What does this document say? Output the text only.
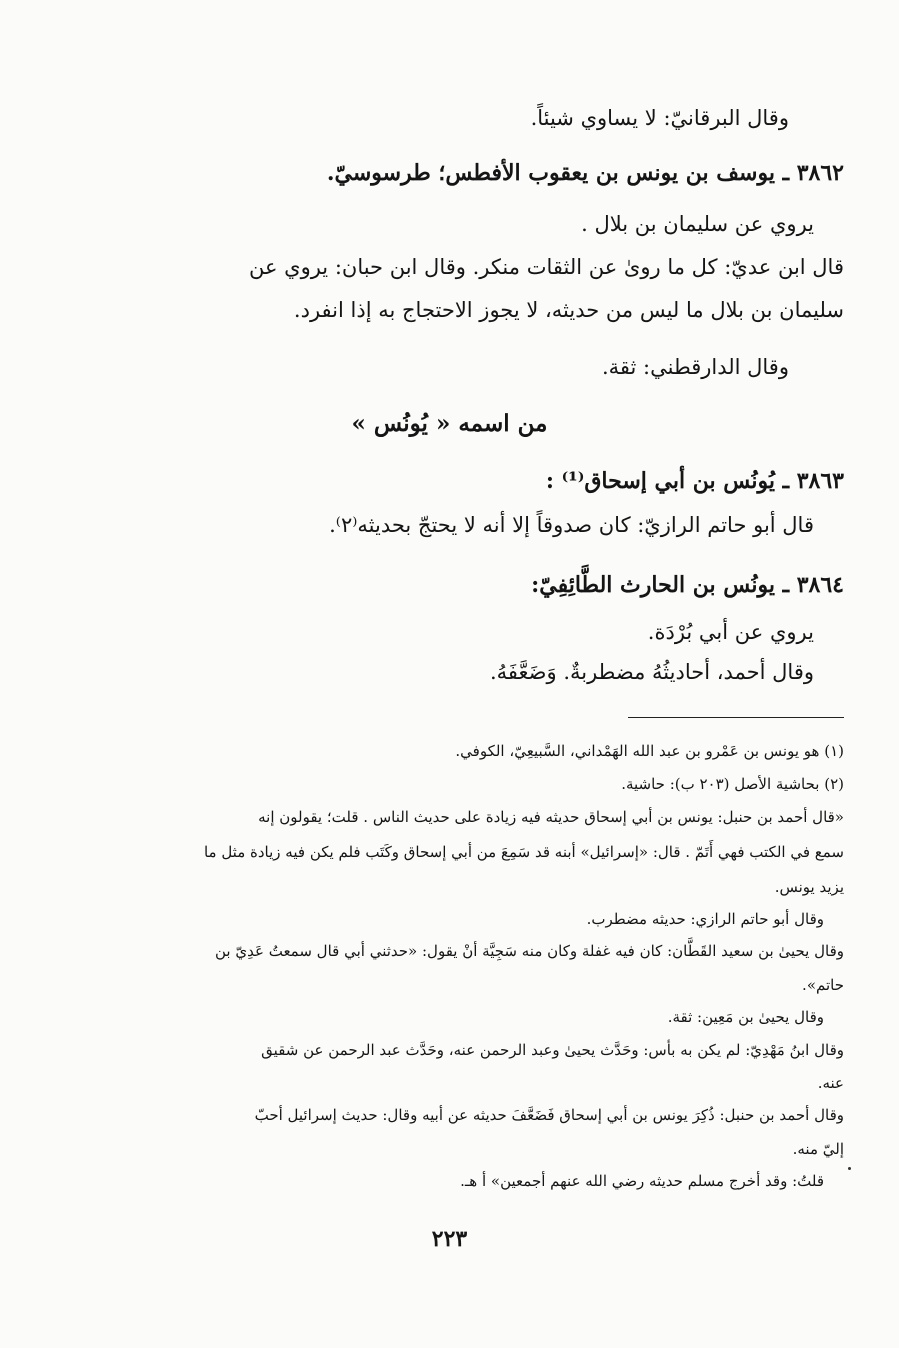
وقال البرقانيّ: لا يساوي شيئاً.
٣٨٦٢ ـ يوسف بن يونس بن يعقوب الأفطس؛ طرسوسيّ.
يروي عن سليمان بن بلال .
قال ابن عديّ: كل ما روىٰ عن الثقات منكر. وقال ابن حبان: يروي عن
سليمان بن بلال ما ليس من حديثه، لا يجوز الاحتجاج به إذا انفرد.
وقال الدارقطني: ثقة.
من اسمه « يُونُس »
٣٨٦٣ ـ يُونُس بن أبي إسحاق⁽¹⁾ :
قال أبو حاتم الرازيّ: كان صدوقاً إلا أنه لا يحتجّ بحديثه⁽٢⁾.
٣٨٦٤ ـ يونُس بن الحارث الطَّائِفِيّ:
يروي عن أبي بُرْدَة.
وقال أحمد، أحاديثُهُ مضطربةٌ. وَضَعَّفَهُ.
(١) هو يونس بن عَمْرو بن عبد الله الهَمْداني، السَّبيعِيّ، الكوفي.
(٢) بحاشية الأصل (٢٠٣ ب): حاشية.
«قال أحمد بن حنبل: يونس بن أبي إسحاق حديثه فيه زيادة على حديث الناس . قلت؛ يقولون إنه
سمع في الكتب فهي أَتَمّ . قال: «إسرائيل» أبنه قد سَمِعَ من أبي إسحاق وكَتَب فلم يكن فيه زيادة مثل ما
يزيد يونس.
وقال أبو حاتم الرازي: حديثه مضطرب.
وقال يحيىٰ بن سعيد القَطَّان: كان فيه غفلة وكان منه سَجِيَّة أنْ يقول: «حدثني أبي قال سمعتُ عَدِيّ بن
حاتم».
وقال يحيىٰ بن مَعِين: ثقة.
وقال ابنُ مَهْدِيّ: لم يكن به بأس: وحَدَّث يحيىٰ وعبد الرحمن عنه، وحَدَّث عبد الرحمن عن شقيق
عنه.
وقال أحمد بن حنبل: ذُكِرَ يونس بن أبي إسحاق فَضَعَّفَ حديثه عن أبيه وقال: حديث إسرائيل أحبّ
إليّ منه.
قلتُ: وقد أخرج مسلم حديثه رضي الله عنهم أجمعين» أ هـ.
٢٢٣
